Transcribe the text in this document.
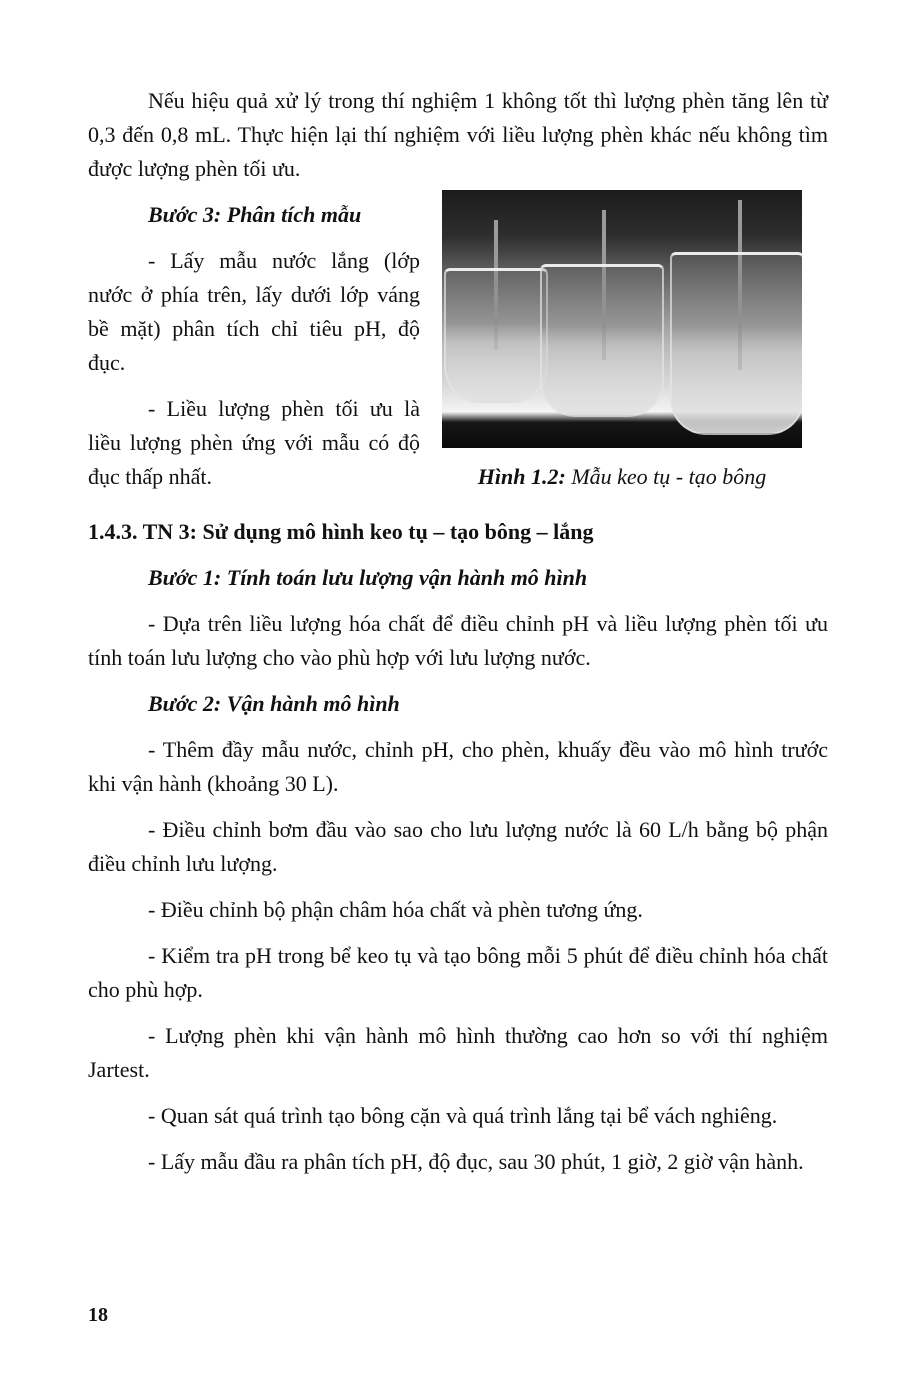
Nếu hiệu quả xử lý trong thí nghiệm 1 không tốt thì lượng phèn tăng lên từ 0,3 đến 0,8 mL. Thực hiện lại thí nghiệm với liều lượng phèn khác nếu không tìm được lượng phèn tối ưu.

Bước 3: Phân tích mẫu

- Lấy mẫu nước lắng (lớp nước ở phía trên, lấy dưới lớp váng bề mặt) phân tích chỉ tiêu pH, độ đục.

- Liều lượng phèn tối ưu là liều lượng phèn ứng với mẫu có độ đục thấp nhất.	Hình 1.2: Mẫu keo tụ - tạo bông

1.4.3. TN 3: Sử dụng mô hình keo tụ – tạo bông – lắng

Bước 1: Tính toán lưu lượng vận hành mô hình

- Dựa trên liều lượng hóa chất để điều chỉnh pH và liều lượng phèn tối ưu tính toán lưu lượng cho vào phù hợp với lưu lượng nước.

Bước 2: Vận hành mô hình

- Thêm đầy mẫu nước, chỉnh pH, cho phèn, khuấy đều vào mô hình trước khi vận hành (khoảng 30 L).

- Điều chỉnh bơm đầu vào sao cho lưu lượng nước là 60 L/h bằng bộ phận điều chỉnh lưu lượng.

- Điều chỉnh bộ phận châm hóa chất và phèn tương ứng.

- Kiểm tra pH trong bể keo tụ và tạo bông mỗi 5 phút để điều chỉnh hóa chất cho phù hợp.

- Lượng phèn khi vận hành mô hình thường cao hơn so với thí nghiệm Jartest.

- Quan sát quá trình tạo bông cặn và quá trình lắng tại bể vách nghiêng.

- Lấy mẫu đầu ra phân tích pH, độ đục, sau 30 phút, 1 giờ, 2 giờ vận hành.

18
